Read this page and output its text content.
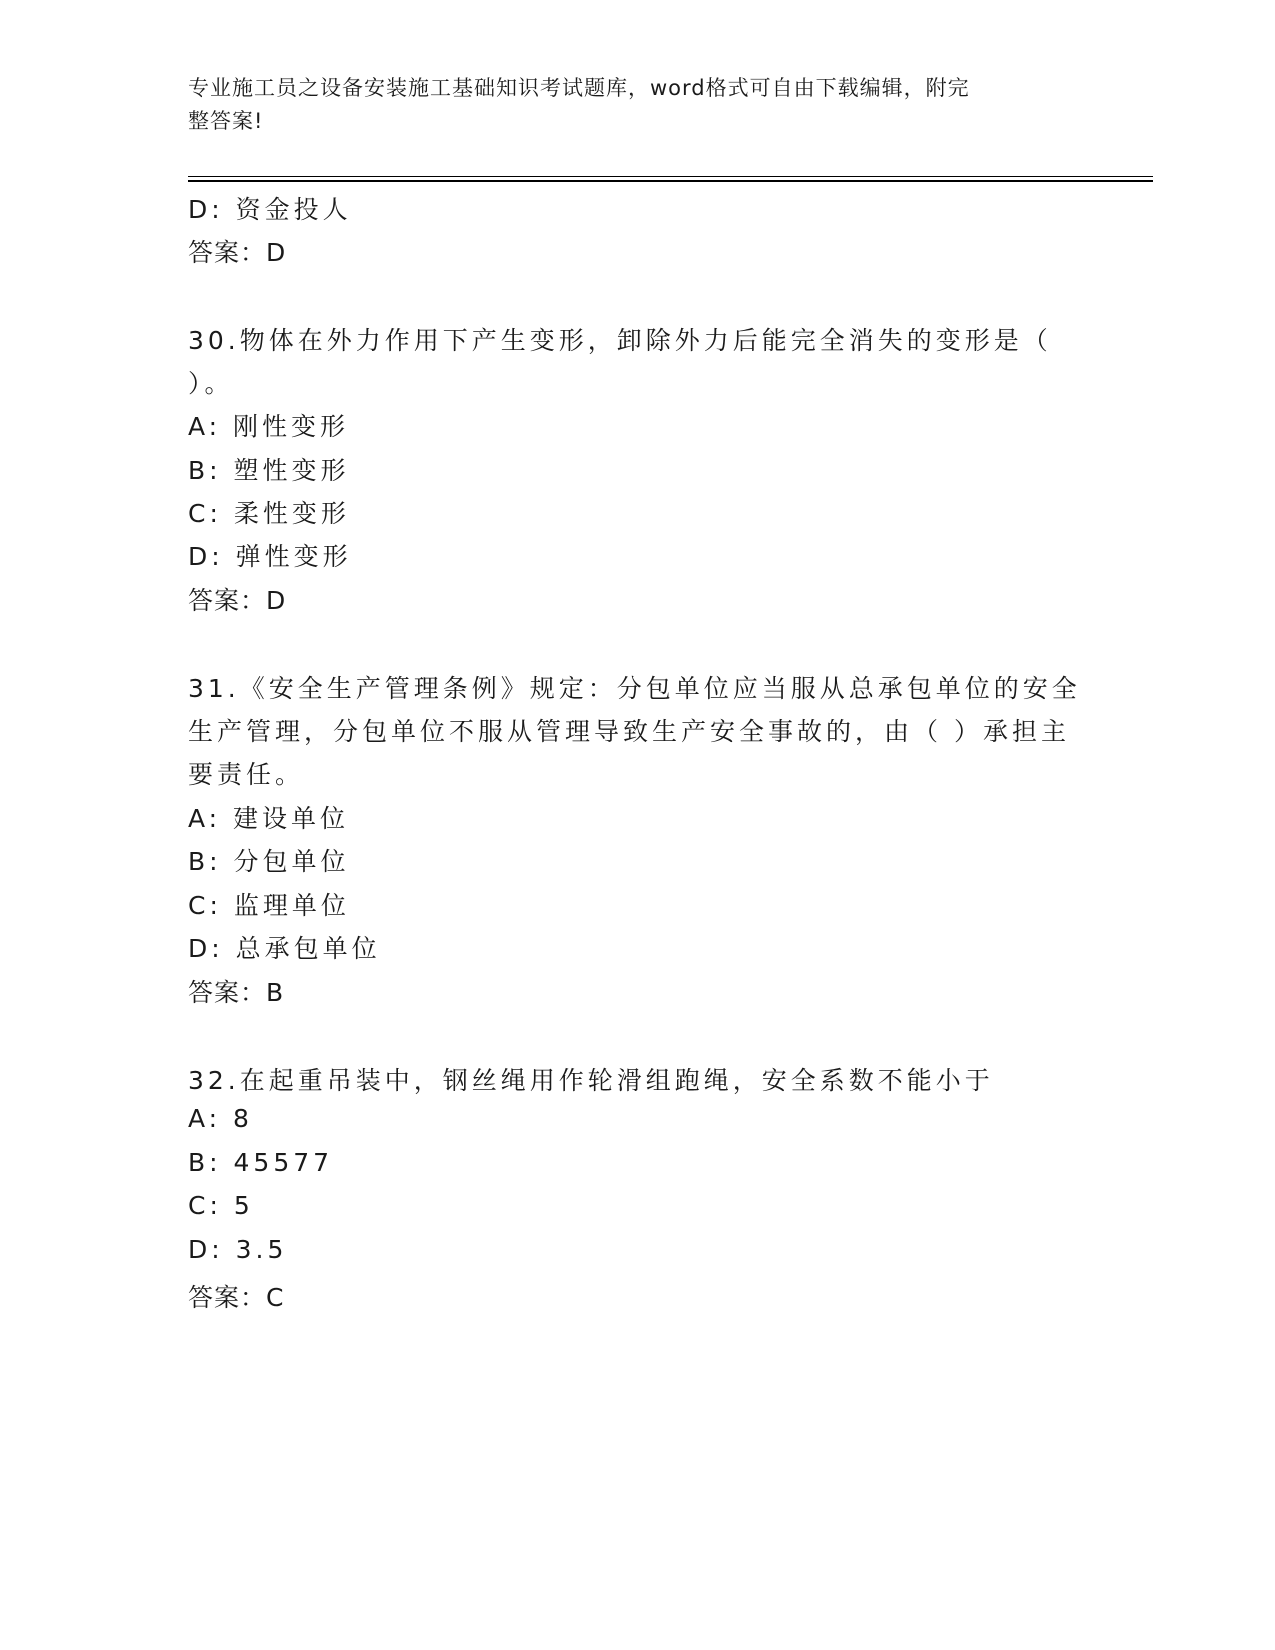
专业施工员之设备安装施工基础知识考试题库，word格式可自由下载编辑，附完
整答案!
D: 资金投人
答案：D
30.物体在外力作用下产生变形，卸除外力后能完全消失的变形是（
）。
A: 刚性变形
B: 塑性变形
C: 柔性变形
D: 弹性变形
答案：D
31.《安全生产管理条例》规定：分包单位应当服从总承包单位的安全
生产管理，分包单位不服从管理导致生产安全事故的，由（ ）承担主
要责任。
A: 建设单位
B: 分包单位
C: 监理单位
D: 总承包单位
答案：B
32.在起重吊装中，钢丝绳用作轮滑组跑绳，安全系数不能小于
A: 8
B: 45577
C: 5
D: 3.5
答案：C
